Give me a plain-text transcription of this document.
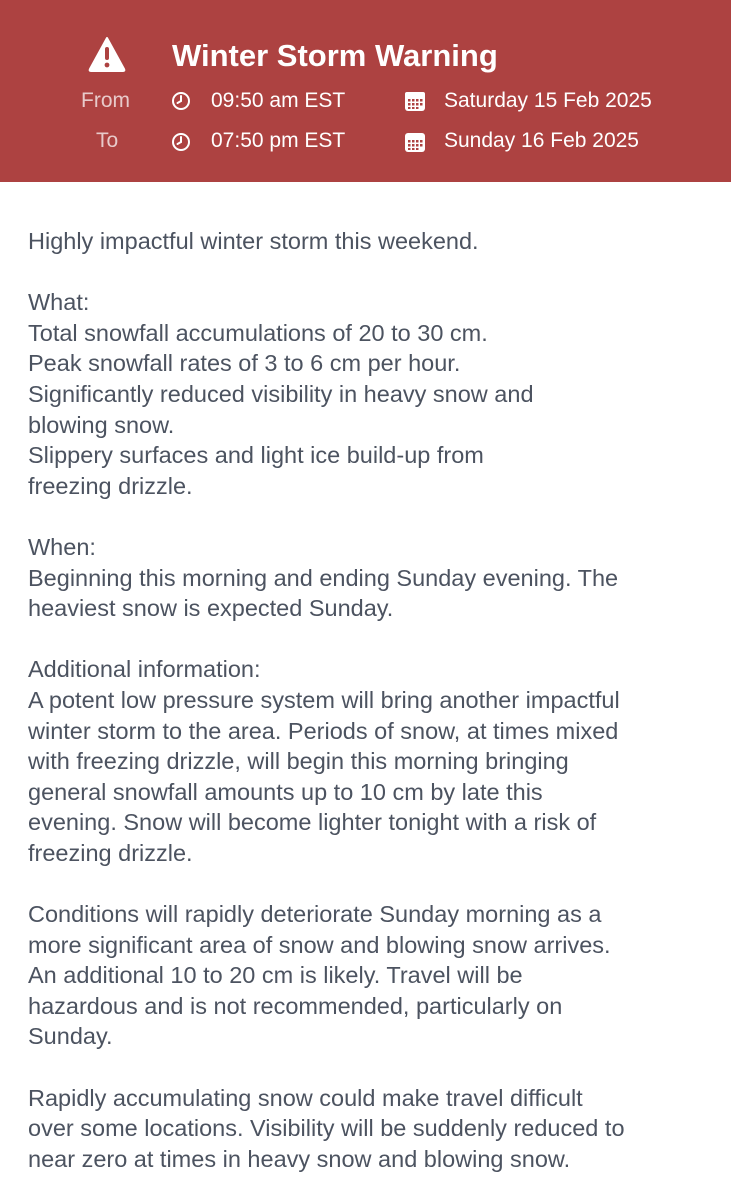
Winter Storm Warning
From	09:50 am EST	Saturday 15 Feb 2025
To	07:50 pm EST	Sunday 16 Feb 2025

Highly impactful winter storm this weekend.

What:
Total snowfall accumulations of 20 to 30 cm.
Peak snowfall rates of 3 to 6 cm per hour.
Significantly reduced visibility in heavy snow and
blowing snow.
Slippery surfaces and light ice build-up from
freezing drizzle.

When:
Beginning this morning and ending Sunday evening. The
heaviest snow is expected Sunday.

Additional information:
A potent low pressure system will bring another impactful
winter storm to the area. Periods of snow, at times mixed
with freezing drizzle, will begin this morning bringing
general snowfall amounts up to 10 cm by late this
evening. Snow will become lighter tonight with a risk of
freezing drizzle.

Conditions will rapidly deteriorate Sunday morning as a
more significant area of snow and blowing snow arrives.
An additional 10 to 20 cm is likely. Travel will be
hazardous and is not recommended, particularly on
Sunday.

Rapidly accumulating snow could make travel difficult
over some locations. Visibility will be suddenly reduced to
near zero at times in heavy snow and blowing snow.
